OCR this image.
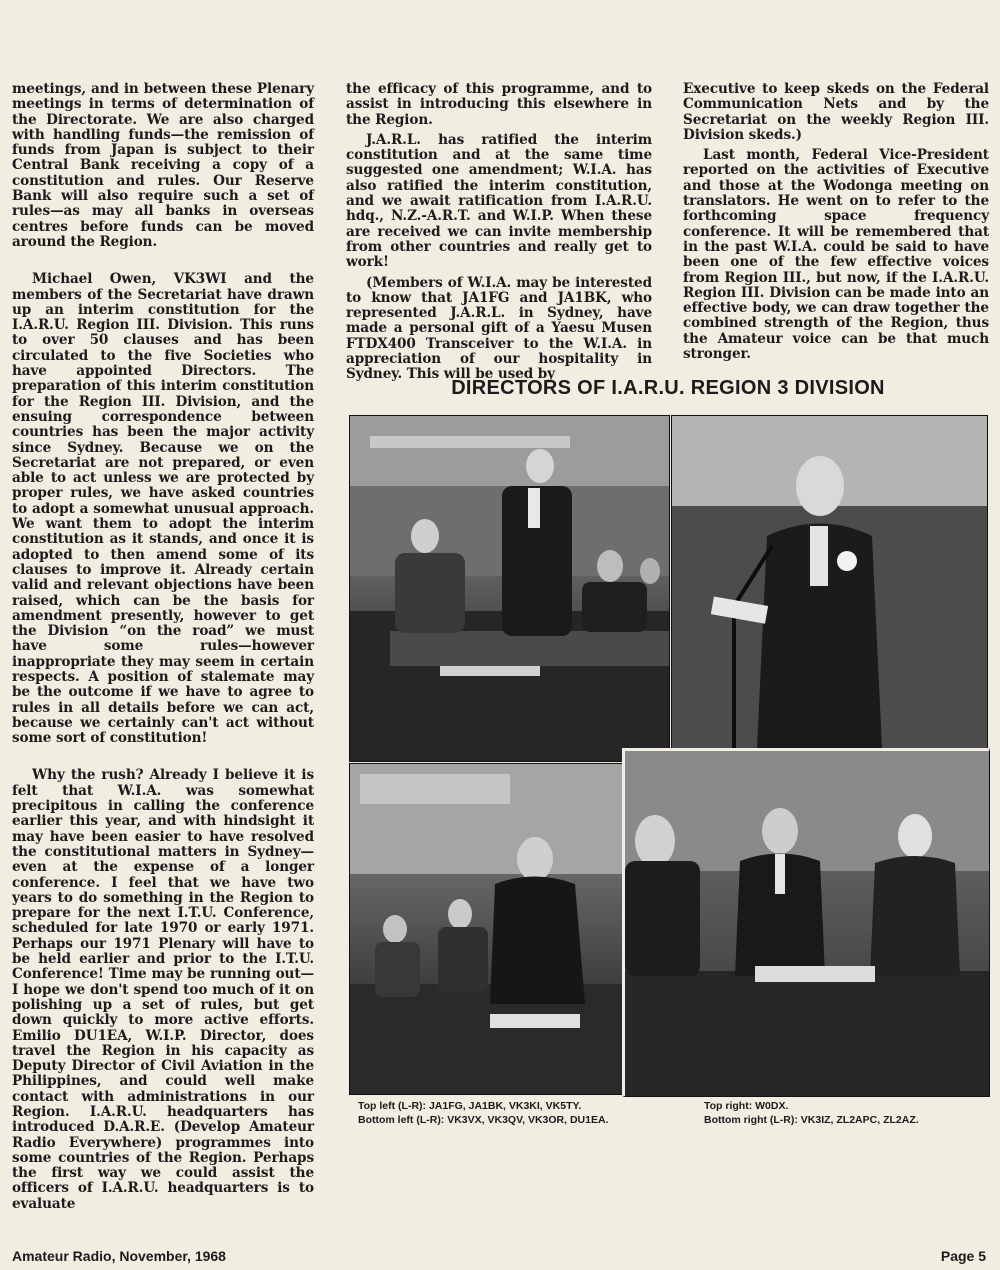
meetings, and in between these Plenary meetings in terms of determination of the Directorate. We are also charged with handling funds—the remission of funds from Japan is subject to their Central Bank receiving a copy of a constitution and rules. Our Reserve Bank will also require such a set of rules—as may all banks in overseas centres before funds can be moved around the Region.

Michael Owen, VK3WI and the members of the Secretariat have drawn up an interim constitution for the I.A.R.U. Region III. Division. This runs to over 50 clauses and has been circulated to the five Societies who have appointed Directors. The preparation of this interim constitution for the Region III. Division, and the ensuing correspondence between countries has been the major activity since Sydney. Because we on the Secretariat are not prepared, or even able to act unless we are protected by proper rules, we have asked countries to adopt a somewhat unusual approach. We want them to adopt the interim constitution as it stands, and once it is adopted to then amend some of its clauses to improve it. Already certain valid and relevant objections have been raised, which can be the basis for amendment presently, however to get the Division “on the road” we must have some rules—however inappropriate they may seem in certain respects. A position of stalemate may be the outcome if we have to agree to rules in all details before we can act, because we certainly can't act without some sort of constitution!

Why the rush? Already I believe it is felt that W.I.A. was somewhat precipitous in calling the conference earlier this year, and with hindsight it may have been easier to have resolved the constitutional matters in Sydney—even at the expense of a longer conference. I feel that we have two years to do something in the Region to prepare for the next I.T.U. Conference, scheduled for late 1970 or early 1971. Perhaps our 1971 Plenary will have to be held earlier and prior to the I.T.U. Conference! Time may be running out—I hope we don't spend too much of it on polishing up a set of rules, but get down quickly to more active efforts. Emilio DU1EA, W.I.P. Director, does travel the Region in his capacity as Deputy Director of Civil Aviation in the Philippines, and could well make contact with administrations in our Region. I.A.R.U. headquarters has introduced D.A.R.E. (Develop Amateur Radio Everywhere) programmes into some countries of the Region. Perhaps the first way we could assist the officers of I.A.R.U. headquarters is to evaluate

the efficacy of this programme, and to assist in introducing this elsewhere in the Region.

J.A.R.L. has ratified the interim constitution and at the same time suggested one amendment; W.I.A. has also ratified the interim constitution, and we await ratification from I.A.R.U. hdq., N.Z.-A.R.T. and W.I.P. When these are received we can invite membership from other countries and really get to work!

(Members of W.I.A. may be interested to know that JA1FG and JA1BK, who represented J.A.R.L. in Sydney, have made a personal gift of a Yaesu Musen FTDX400 Transceiver to the W.I.A. in appreciation of our hospitality in Sydney. This will be used by

Executive to keep skeds on the Federal Communication Nets and by the Secretariat on the weekly Region III. Division skeds.)

Last month, Federal Vice-President reported on the activities of Executive and those at the Wodonga meeting on translators. He went on to refer to the forthcoming space frequency conference. It will be remembered that in the past W.I.A. could be said to have been one of the few effective voices from Region III., but now, if the I.A.R.U. Region III. Division can be made into an effective body, we can draw together the combined strength of the Region, thus the Amateur voice can be that much stronger.

DIRECTORS OF I.A.R.U. REGION 3 DIVISION
Top left (L-R): JA1FG, JA1BK, VK3KI, VK5TY.
Bottom left (L-R): VK3VX, VK3QV, VK3OR, DU1EA.
Top right: W0DX.
Bottom right (L-R): VK3IZ, ZL2APC, ZL2AZ.
Amateur Radio, November, 1968	Page 5
